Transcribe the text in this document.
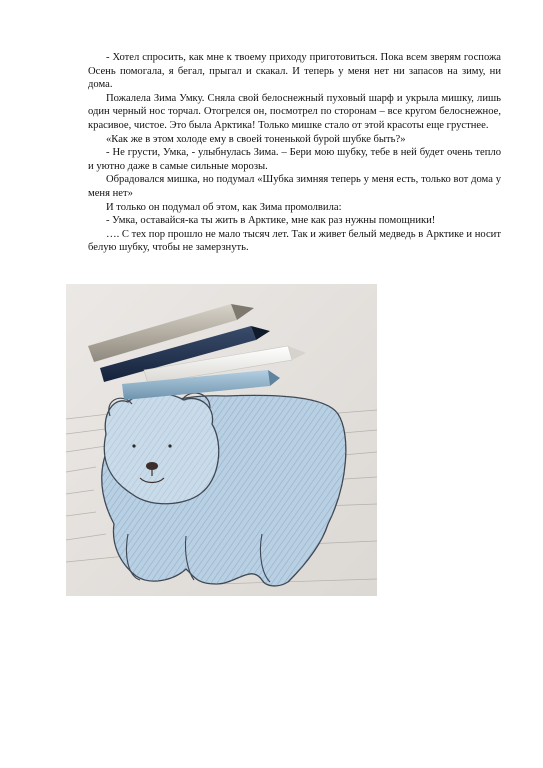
- Хотел спросить, как мне к твоему приходу приготовиться. Пока всем зверям госпожа Осень помогала, я бегал, прыгал и скакал. И теперь у меня нет ни запасов на зиму, ни дома.

Пожалела Зима Умку. Сняла свой белоснежный пуховый шарф и укрыла мишку, лишь один черный нос торчал. Отогрелся он, посмотрел по сторонам – все кругом белоснежное, красивое, чистое. Это была Арктика! Только мишке стало от этой красоты еще грустнее.

«Как же в этом холоде ему в своей тоненькой бурой шубке быть?»

- Не грусти, Умка, - улыбнулась Зима. – Бери мою шубку, тебе в ней будет очень тепло и уютно даже в самые сильные морозы.

Обрадовался мишка, но подумал «Шубка зимняя теперь у меня есть, только вот дома у меня нет»

И только он подумал об этом, как Зима промолвила:

- Умка, оставайся-ка ты жить в Арктике, мне как раз нужны помощники!

…. С тех пор прошло не мало тысяч лет. Так и живет белый медведь в Арктике и носит белую шубку, чтобы не замерзнуть.
